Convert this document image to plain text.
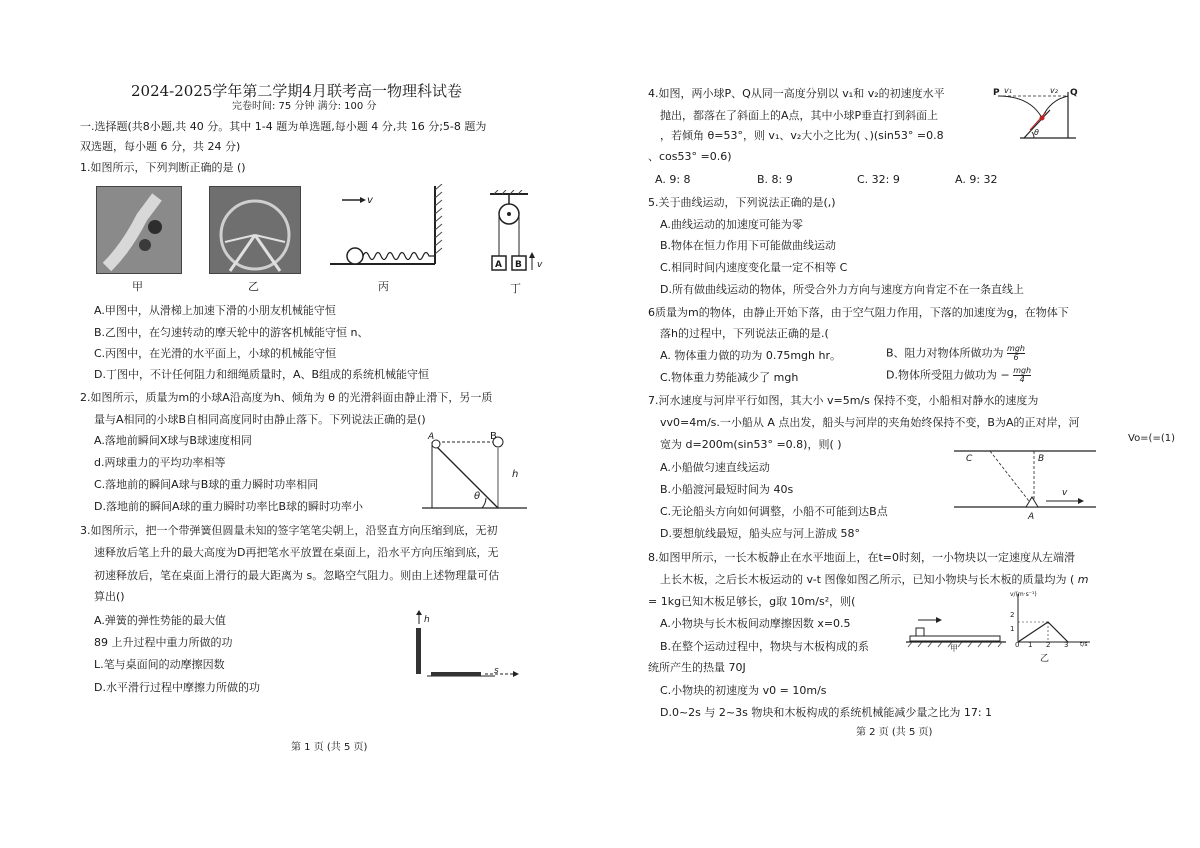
2024-2025学年第二学期4月联考高一物理科试卷
完卷时间: 75 分钟 满分: 100 分
一.选择题(共8小题,共 40 分。其中 1-4 题为单选题,每小题 4 分,共 16 分;5-8 题为
双选题，每小题 6 分，共 24 分)
1.如图所示，下列判断正确的是 ()
甲	乙
v
丙
A B v
丁
A.甲图中，从滑梯上加速下滑的小朋友机械能守恒
B.乙图中，在匀速转动的摩天轮中的游客机械能守恒 n、
C.丙图中，在光滑的水平面上，小球的机械能守恒
D.丁图中，不计任何阻力和细绳质量时，A、B组成的系统机械能守恒
2.如图所示，质量为m的小球A沿高度为h、倾角为 θ 的光滑斜面由静止滑下，另一质
量与A相同的小球B自相同高度同时由静止落下。下列说法正确的是()
A.落地前瞬间X球与B球速度相同
d.两球重力的平均功率相等
C.落地前的瞬间A球与B球的重力瞬时功率相同
D.落地前的瞬间A球的重力瞬时功率比B球的瞬时功率小
A	B
h
θ
3.如图所示，把一个带弹簧但圆量未知的签字笔笔尖朝上，沿竖直方向压缩到底，无初
速释放后笔上升的最大高度为D再把笔水平放置在桌面上，沿水平方向压缩到底，无
初速释放后，笔在桌面上滑行的最大距离为 s。忽略空气阻力。则由上述物理量可估
算出()
A.弹簧的弹性势能的最大值
89 上升过程中重力所做的功
L.笔与桌面间的动摩擦因数
D.水平滑行过程中摩擦力所做的功
h
s
第 1 页 (共 5 页)
4.如图，两小球P、Q从同一高度分别以 v₁和 v₂的初速度水平
抛出，都落在了斜面上的A点，其中小球P垂直打到斜面上
，若倾角 θ=53°，则 v₁、v₂大小之比为( 、)(sin53° =0.8
、cos53° =0.6)
P v₁	v₂ Q
θ
A. 9: 8	B. 8: 9	C. 32: 9	A. 9: 32
5.关于曲线运动，下列说法正确的是(,)
A.曲线运动的加速度可能为零
B.物体在恒力作用下可能做曲线运动
C.相同时间内速度变化量一定不相等 C
D.所有做曲线运动的物体，所受合外力方向与速度方向肯定不在一条直线上
6质量为m的物体，由静止开始下落，由于空气阻力作用，下落的加速度为g，在物体下
落h的过程中，下列说法正确的是.(
A. 物体重力做的功为 0.75mgh hr。	B、阻力对物体所做功为 $\frac{\text{mgh}}{6}$
C.物体重力势能减少了 mgh	D.物体所受阻力做功为 − $\frac{\text{mgh}}{4}$
7.河水速度与河岸平行如图，其大小 v=5m/s 保持不变，小船相对静水的速度为
vv0=4m/s.一小船从 A 点出发，船头与河岸的夹角始终保持不变，B为A的正对岸，河
宽为 d=200m(sin53° =0.8)，则( )	Vo=(=(1)
A.小船做匀速直线运动
B.小船渡河最短时间为 40s
C.无论船头方向如何调整，小船不可能到达B点
D.要想航线最短，船头应与河上游成 58°
C	B
A
v
8.如图甲所示，一长木板静止在水平地面上，在t=0时刻，一小物块以一定速度从左端滑
上长木板，之后长木板运动的 v-t 图像如图乙所示，已知小物块与长木板的质量均为 ( m
= 1kg已知木板足够长，g取 10m/s²，则(
A.小物块与长木板间动摩擦因数 x=0.5
B.在整个运动过程中，物块与木板构成的系
统所产生的热量 70J
C.小物块的初速度为 v0 = 10m/s
D.0~2s 与 2~3s 物块和木板构成的系统机械能减少量之比为 17: 1
甲
v/(m·s⁻¹)
2
1
0 1 2 3 t/s
乙
第 2 页 (共 5 页)
